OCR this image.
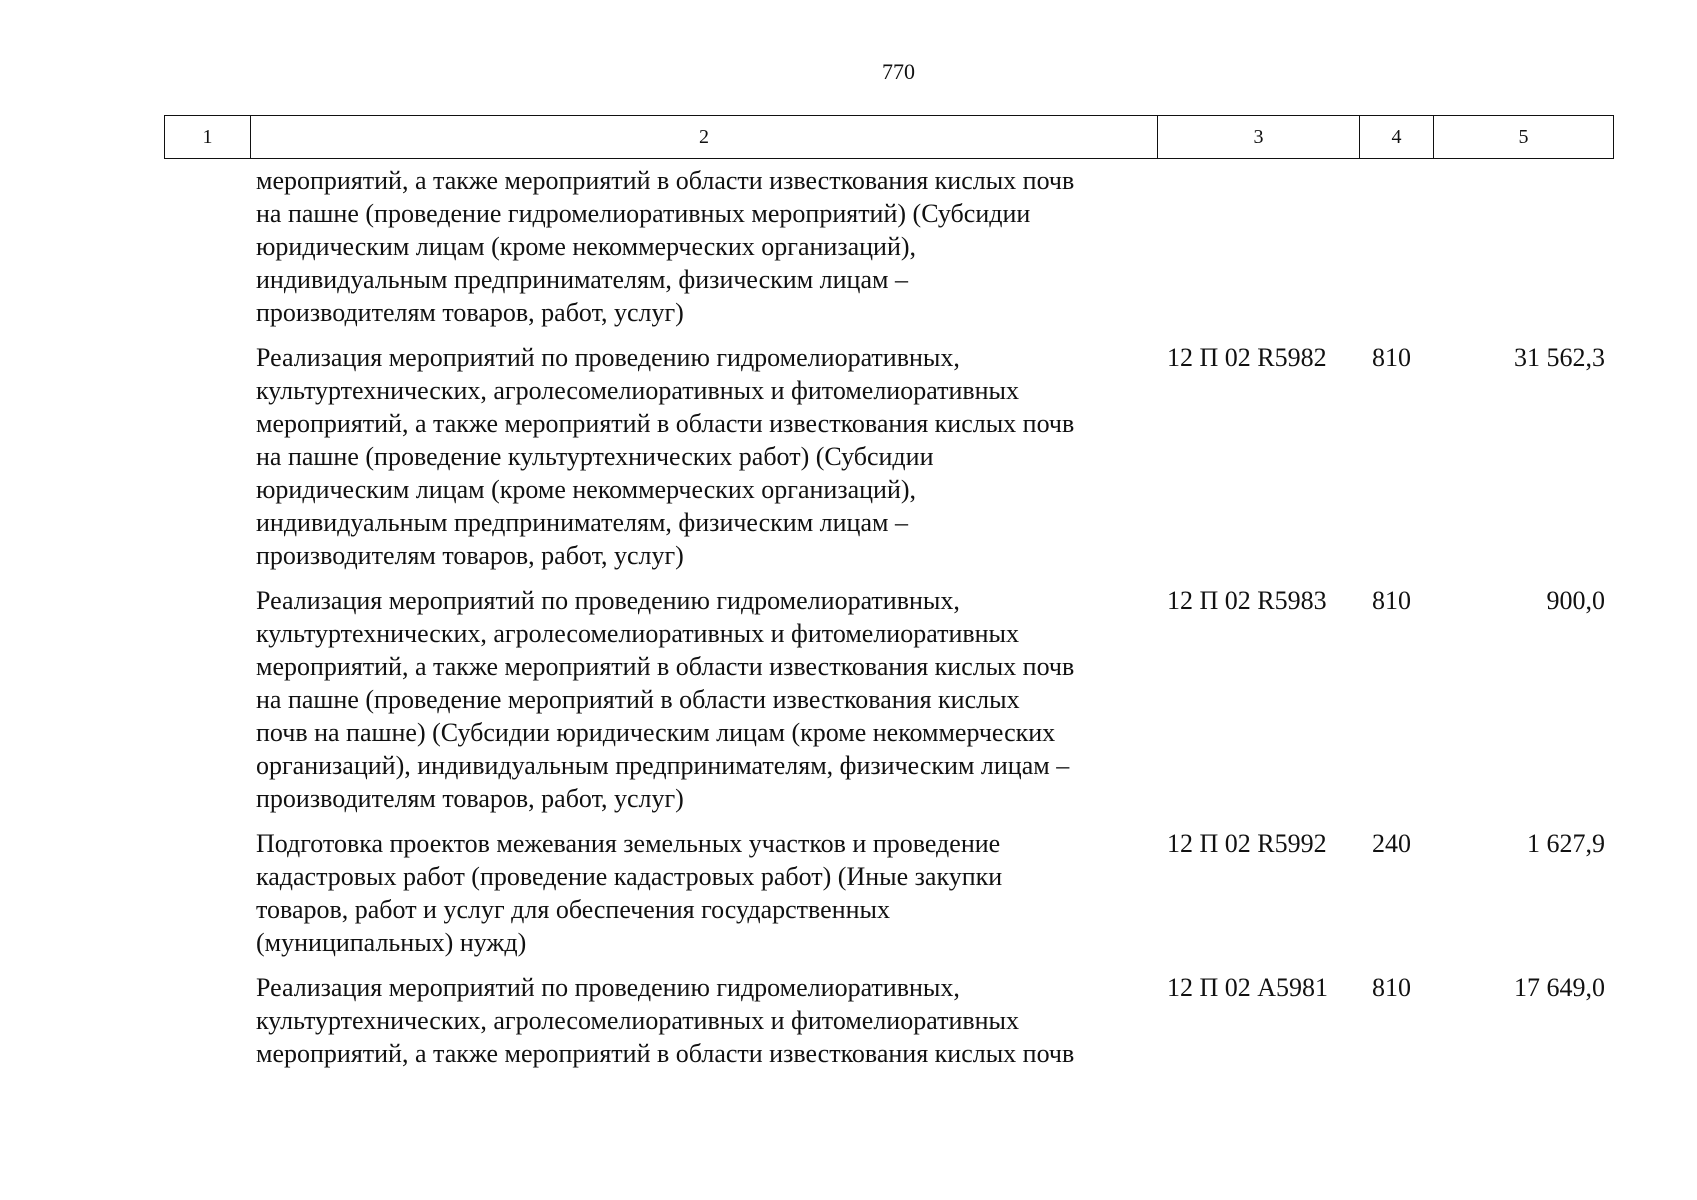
770
1	2	3	4	5
мероприятий, а также мероприятий в области известкования кислых почв
на пашне (проведение гидромелиоративных мероприятий) (Субсидии
юридическим лицам (кроме некоммерческих организаций),
индивидуальным предпринимателям, физическим лицам –
производителям товаров, работ, услуг)
Реализация мероприятий по проведению гидромелиоративных,
культуртехнических, агролесомелиоративных и фитомелиоративных
мероприятий, а также мероприятий в области известкования кислых почв
на пашне (проведение культуртехнических работ) (Субсидии
юридическим лицам (кроме некоммерческих организаций),
индивидуальным предпринимателям, физическим лицам –
производителям товаров, работ, услуг)
12 П 02 R5982	810	31 562,3
Реализация мероприятий по проведению гидромелиоративных,
культуртехнических, агролесомелиоративных и фитомелиоративных
мероприятий, а также мероприятий в области известкования кислых почв
на пашне (проведение мероприятий в области известкования кислых
почв на пашне) (Субсидии юридическим лицам (кроме некоммерческих
организаций), индивидуальным предпринимателям, физическим лицам –
производителям товаров, работ, услуг)
12 П 02 R5983	810	900,0
Подготовка проектов межевания земельных участков и проведение
кадастровых работ (проведение кадастровых работ) (Иные закупки
товаров, работ и услуг для обеспечения государственных
(муниципальных) нужд)
12 П 02 R5992	240	1 627,9
Реализация мероприятий по проведению гидромелиоративных,
культуртехнических, агролесомелиоративных и фитомелиоративных
мероприятий, а также мероприятий в области известкования кислых почв
12 П 02 А5981	810	17 649,0
